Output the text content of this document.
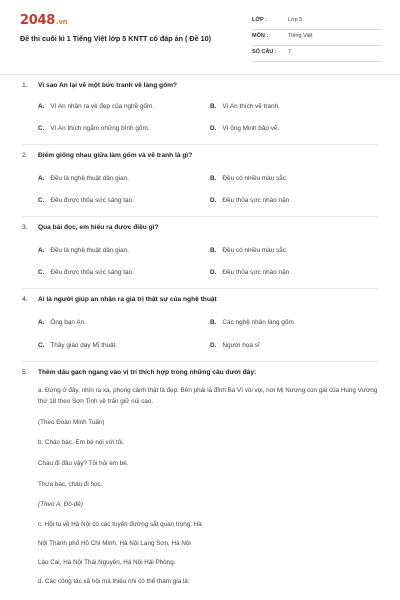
2048.vn
Đề thi cuối kì 1 Tiếng Việt lớp 5 KNTT có đáp án ( Đề 10)
LỚP :	Lớp 5
MÔN :	Tiếng Việt
SỐ CÂU : 7
1. Vì sao An lại vẽ một bức tranh về làng gốm?
A. Vì An nhận ra vẻ đẹp của nghề gốm.	B. Vì An thích vẽ tranh.
C. Vì An thích ngắm những bình gốm.	D. Vì ông Minh bảo vẽ.
2. Điểm giống nhau giữa làm gốm và vẽ tranh là gì?
A. Đều là nghệ thuật dân gian.	B. Đều có nhiều màu sắc.
C. Đều được thỏa sức sáng tạo.	D. Đều thỏa sức nhào nặn.
3. Qua bài đọc, em hiểu ra được điều gì?
A. Đều là nghệ thuật dân gian.	B. Đều có nhiều màu sắc.
C. Đều được thỏa sức sáng tạo.	D. Đều thỏa sức nhào nặn.
4. Ai là người giúp an nhận ra giá trị thật sự của nghệ thuật
A. Ông bạn An.	B. Các nghệ nhân làng gốm.
C. Thầy giáo dạy Mĩ thuật.	D. Người họa sĩ
5. Thêm dấu gạch ngang vào vị trí thích hợp trong những câu dưới đây:
a. Đứng ở đây, nhìn ra xa, phong cảnh thật là đẹp. Bên phải là đỉnh Ba Vì vòi vọi, nơi Mị Nương con gái của Hùng Vương thứ 18 theo Sơn Tinh về trấn giữ núi cao.
(Theo Đoàn Minh Tuấn)
b. Chào bác. Em bé nói với tôi.
Cháu đi đâu vậy? Tôi hỏi em bé.
Thưa bác, cháu đi học.
(Theo A. Đô-đê)
c. Hội tụ về Hà Nội có các tuyến đường sắt quan trọng: Hà
Nội Thành phố Hồ Chí Minh, Hà Nội Lạng Sơn, Hà Nội
Lào Cai, Hà Nội Thái Nguyên, Hà Nội Hải Phòng.
d. Các công tác xã hội mà thiếu nhi có thể tham gia là:
